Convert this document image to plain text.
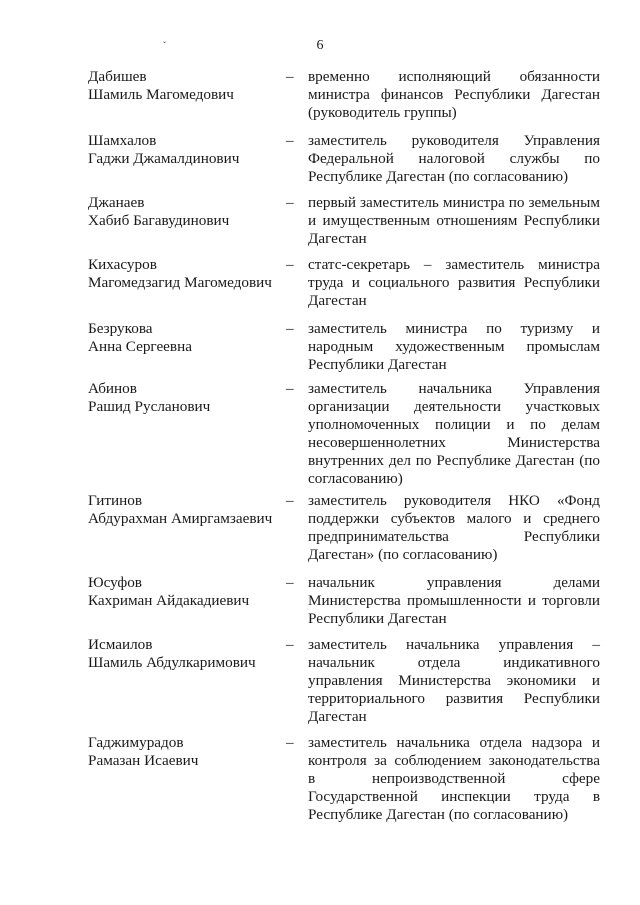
ˇ	6
Дабишев
Шамиль Магомедович
– временно исполняющий обязанности
министра финансов Республики Дагестан
(руководитель группы)
Шамхалов
Гаджи Джамалдинович
– заместитель руководителя Управления
Федеральной налоговой службы по
Республике Дагестан (по согласованию)
Джанаев
Хабиб Багавудинович
– первый заместитель министра по земельным
и имущественным отношениям Республики
Дагестан
Кихасуров
Магомедзагид Магомедович
– статс-секретарь – заместитель министра
труда и социального развития Республики
Дагестан
Безрукова
Анна Сергеевна
– заместитель министра по туризму и
народным художественным промыслам
Республики Дагестан
Абинов
Рашид Русланович
– заместитель начальника Управления
организации деятельности участковых
уполномоченных полиции и по делам
несовершеннолетних Министерства
внутренних дел по Республике Дагестан (по
согласованию)
Гитинов
Абдурахман Амиргамзаевич
– заместитель руководителя НКО «Фонд
поддержки субъектов малого и среднего
предпринимательства Республики
Дагестан» (по согласованию)
Юсуфов
Кахриман Айдакадиевич
– начальник управления делами
Министерства промышленности и торговли
Республики Дагестан
Исмаилов
Шамиль Абдулкаримович
– заместитель начальника управления –
начальник отдела индикативного
управления Министерства экономики и
территориального развития Республики
Дагестан
Гаджимурадов
Рамазан Исаевич
– заместитель начальника отдела надзора и
контроля за соблюдением законодательства
в непроизводственной сфере
Государственной инспекции труда в
Республике Дагестан (по согласованию)
